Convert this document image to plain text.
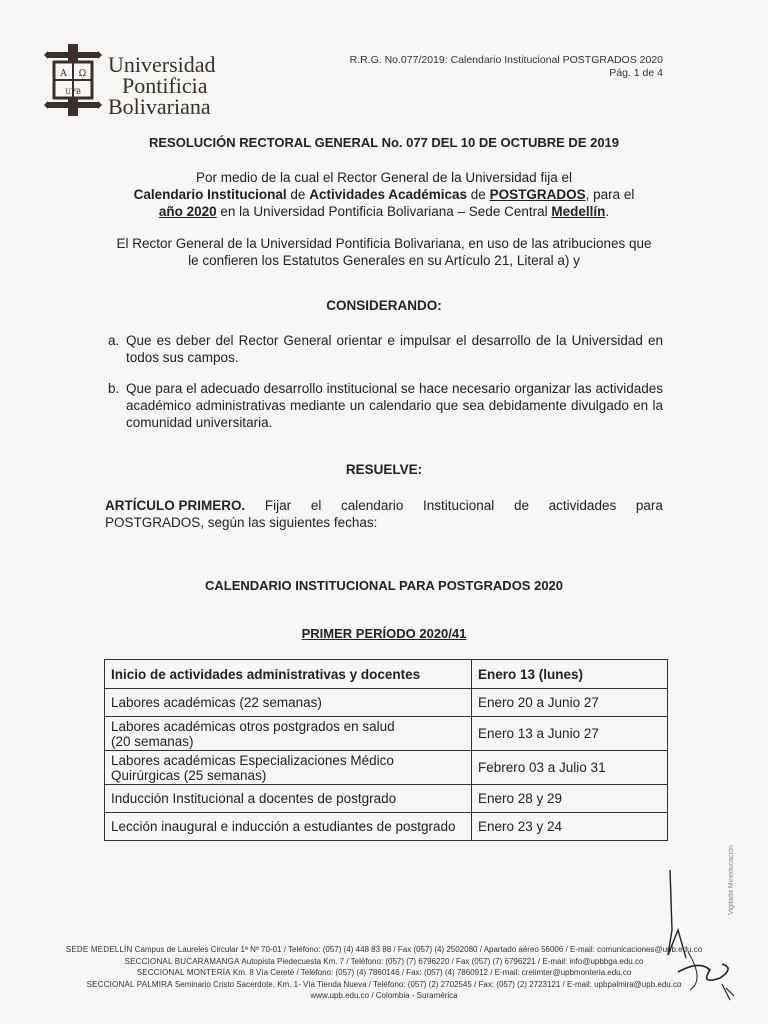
A Ω
UPB
Universidad
Pontificia
Bolivariana
R.R.G. No.077/2019: Calendario Institucional POSTGRADOS 2020
Pág. 1 de 4
RESOLUCIÓN RECTORAL GENERAL No. 077 DEL 10 DE OCTUBRE DE 2019
Por medio de la cual el Rector General de la Universidad fija el
Calendario Institucional de Actividades Académicas de POSTGRADOS, para el
año 2020 en la Universidad Pontificia Bolivariana – Sede Central Medellín.
El Rector General de la Universidad Pontificia Bolivariana, en uso de las atribuciones que
le confieren los Estatutos Generales en su Artículo 21, Literal a) y
CONSIDERANDO:
a. Que es deber del Rector General orientar e impulsar el desarrollo de la Universidad en todos sus campos.
b. Que para el adecuado desarrollo institucional se hace necesario organizar las actividades académico administrativas mediante un calendario que sea debidamente divulgado en la comunidad universitaria.
RESUELVE:
ARTÍCULO PRIMERO. Fijar el calendario Institucional de actividades para
POSTGRADOS, según las siguientes fechas:
CALENDARIO INSTITUCIONAL PARA POSTGRADOS 2020
PRIMER PERÍODO 2020/41
Inicio de actividades administrativas y docentes	Enero 13 (lunes)
Labores académicas (22 semanas)	Enero 20 a Junio 27

Labores académicas otros postgrados en salud
(20 semanas)	Enero 13 a Junio 27

Labores académicas Especializaciones Médico
Quirúrgicas (25 semanas)	Febrero 03 a Julio 31
Inducción Institucional a docentes de postgrado	Enero 28 y 29
Lección inaugural e inducción a estudiantes de postgrado	Enero 23 y 24
Vigilada Mineducación
SEDE MEDELLÍN Campus de Laureles Circular 1ª Nº 70-01 / Teléfono: (057) (4) 448 83 88 / Fax (057) (4) 2502080 / Apartado aéreo 56006 / E-mail: comunicaciones@upb.edu.co
SECCIONAL BUCARAMANGA Autopista Piedecuesta Km. 7 / Teléfono: (057) (7) 6796220 / Fax (057) (7) 6796221 / E-mail: info@upbbga.edu.co
SECCIONAL MONTERÍA Km. 8 Vía Cereté / Teléfono: (057) (4) 7860146 / Fax: (057) (4) 7860912 / E-mail: crelimter@upbmonteria.edu.co
SECCIONAL PALMIRA Seminario Cristo Sacerdote, Km. 1- Vía Tienda Nueva / Teléfono: (057) (2) 2702545 / Fax: (057) (2) 2723121 / E-mail: upbpalmira@upb.edu.co
www.upb.edu.co / Colombia - Suramérica
